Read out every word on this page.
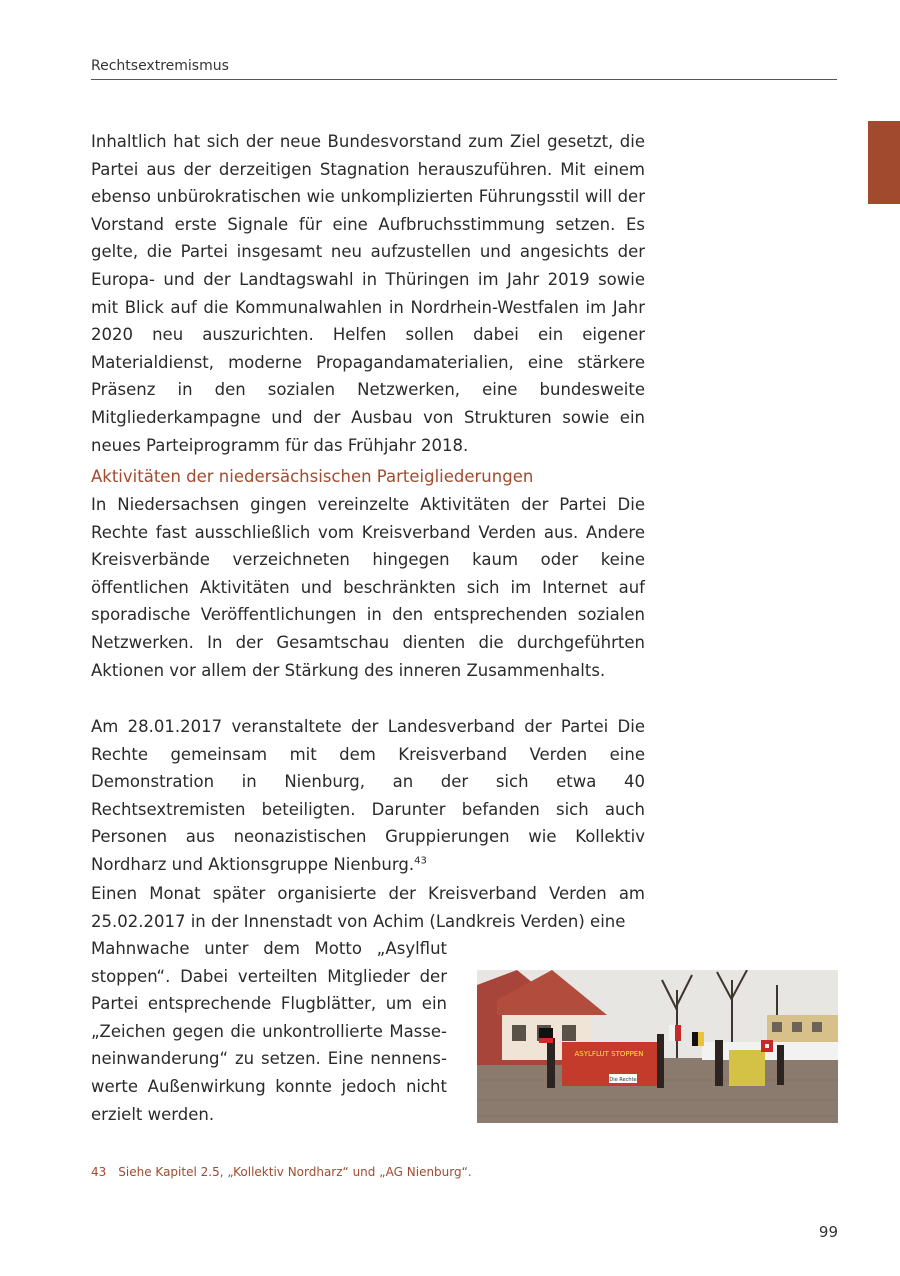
Rechtsextremismus
Inhaltlich hat sich der neue Bundesvorstand zum Ziel gesetzt, die Partei aus der derzeitigen Stagnation herauszuführen. Mit einem ebenso unbürokratischen wie unkomplizierten Führungsstil will der Vorstand erste Signale für eine Aufbruchsstimmung setzen. Es gelte, die Partei insgesamt neu aufzustellen und angesichts der Europa- und der Landtagswahl in Thüringen im Jahr 2019 sowie mit Blick auf die Kommunalwahlen in Nordrhein-Westfalen im Jahr 2020 neu auszurichten. Helfen sollen dabei ein eigener Materialdienst, moderne Propagandamaterialien, eine stärkere Präsenz in den sozialen Netzwerken, eine bundesweite Mitgliederkampagne und der Ausbau von Strukturen sowie ein neues Parteiprogramm für das Frühjahr 2018.
Aktivitäten der niedersächsischen Parteigliederungen
In Niedersachsen gingen vereinzelte Aktivitäten der Partei Die Rechte fast ausschließlich vom Kreisverband Verden aus. Andere Kreisverbände verzeichneten hingegen kaum oder keine öffentlichen Aktivitäten und beschränkten sich im Internet auf sporadische Veröffentlichungen in den entsprechenden sozialen Netzwerken. In der Gesamtschau dienten die durchgeführten Aktionen vor allem der Stärkung des inneren Zusammenhalts.
Am 28.01.2017 veranstaltete der Landesverband der Partei Die Rechte gemeinsam mit dem Kreisverband Verden eine Demonstration in Nienburg, an der sich etwa 40 Rechtsextremisten beteiligten. Darunter befanden sich auch Personen aus neonazistischen Gruppierungen wie Kollektiv Nordharz und Aktionsgruppe Nienburg.$^{43}$
Einen Monat später organisierte der Kreisverband Verden am 25.02.2017 in der Innenstadt von Achim (Landkreis Verden) eine
Mahnwache unter dem Motto „Asylflut stoppen“. Dabei verteilten Mitglieder der Partei entsprechende Flugblätter, um ein „Zeichen gegen die unkontrollierte Masseneinwanderung“ zu setzen. Eine nennenswerte Außenwirkung konnte jedoch nicht erzielt werden.
ASYLFLUT STOPPEN
Die Rechte
43 Siehe Kapitel 2.5, „Kollektiv Nordharz“ und „AG Nienburg“.
99
